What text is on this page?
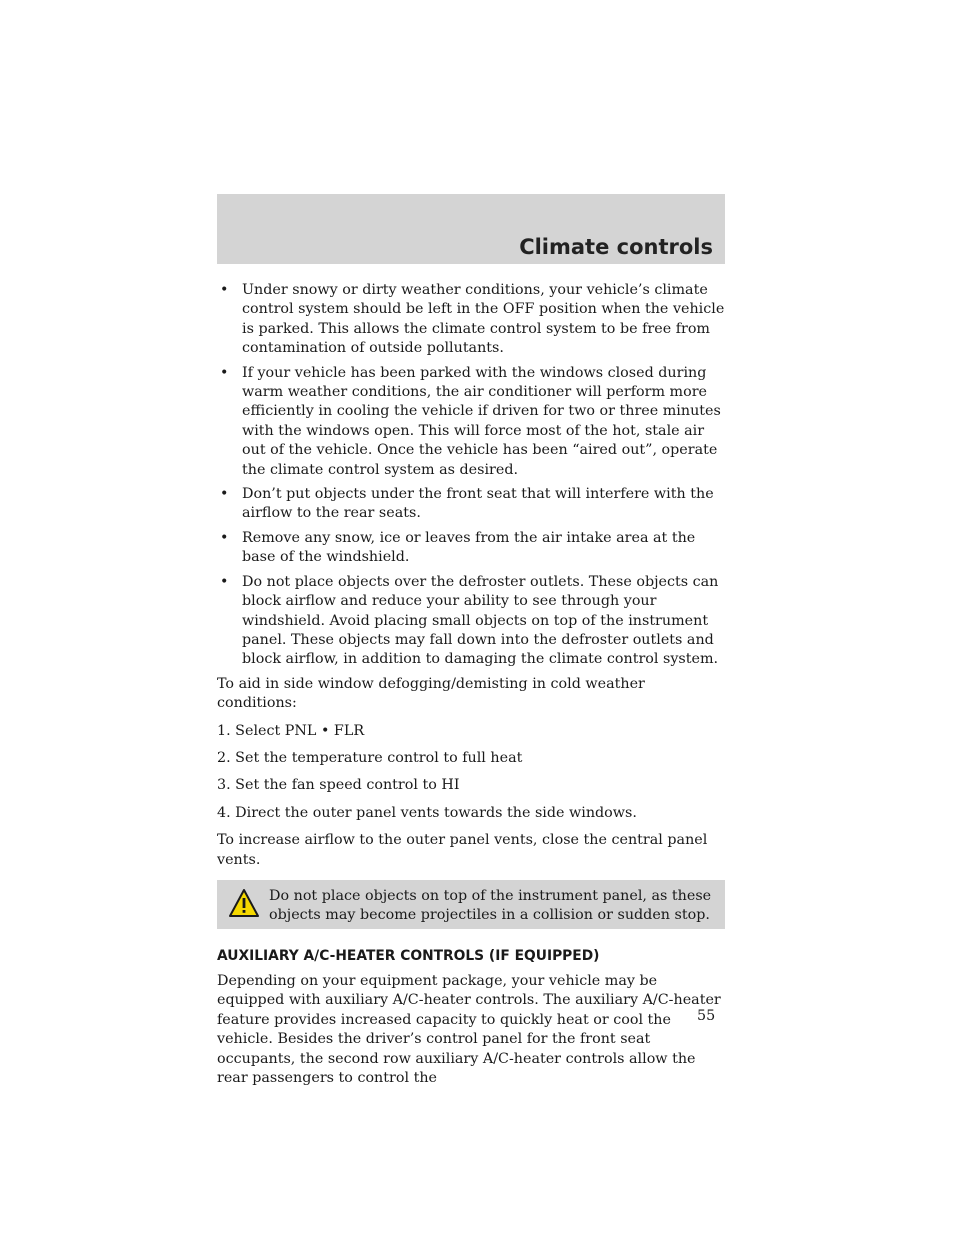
Climate controls
• Under snowy or dirty weather conditions, your vehicle’s climate control system should be left in the OFF position when the vehicle is parked. This allows the climate control system to be free from contamination of outside pollutants.
• If your vehicle has been parked with the windows closed during warm weather conditions, the air conditioner will perform more efficiently in cooling the vehicle if driven for two or three minutes with the windows open. This will force most of the hot, stale air out of the vehicle. Once the vehicle has been “aired out”, operate the climate control system as desired.
• Don’t put objects under the front seat that will interfere with the airflow to the rear seats.
• Remove any snow, ice or leaves from the air intake area at the base of the windshield.
• Do not place objects over the defroster outlets. These objects can block airflow and reduce your ability to see through your windshield. Avoid placing small objects on top of the instrument panel. These objects may fall down into the defroster outlets and block airflow, in addition to damaging the climate control system.

To aid in side window defogging/demisting in cold weather conditions:

1. Select PNL • FLR

2. Set the temperature control to full heat

3. Set the fan speed control to HI

4. Direct the outer panel vents towards the side windows.

To increase airflow to the outer panel vents, close the central panel vents.

Do not place objects on top of the instrument panel, as these objects may become projectiles in a collision or sudden stop.
AUXILIARY A/C-HEATER CONTROLS (IF EQUIPPED)

Depending on your equipment package, your vehicle may be equipped with auxiliary A/C-heater controls. The auxiliary A/C-heater feature provides increased capacity to quickly heat or cool the vehicle. Besides the driver’s control panel for the front seat occupants, the second row auxiliary A/C-heater controls allow the rear passengers to control the

55
